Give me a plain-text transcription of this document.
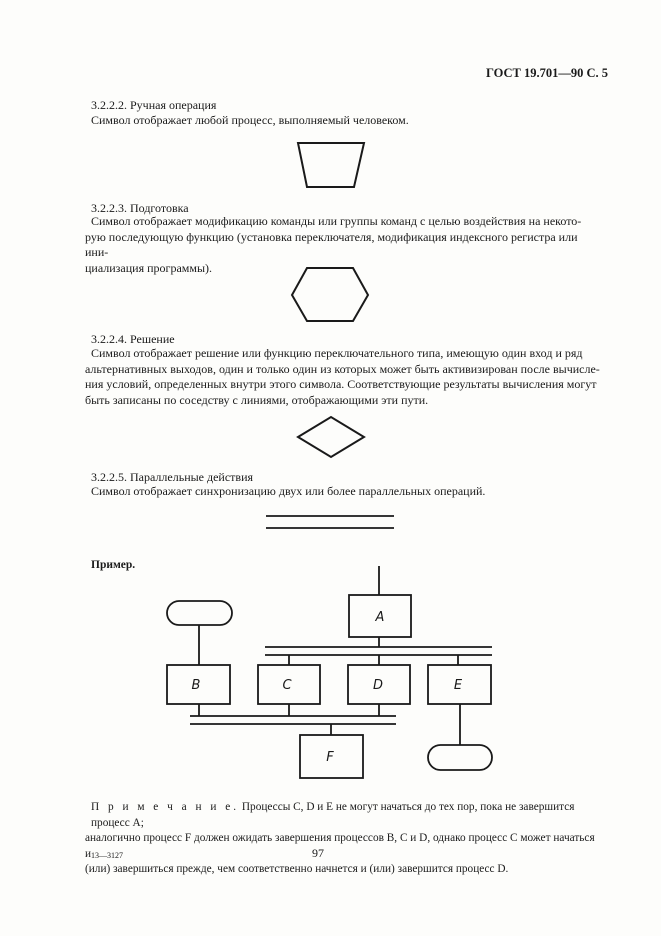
ГОСТ 19.701—90 С. 5
3.2.2.2. Ручная операция

Символ отображает любой процесс, выполняемый человеком.

3.2.2.3. Подготовка

Символ отображает модификацию команды или группы команд с целью воздействия на некото-

рую последующую функцию (установка переключателя, модификация индексного регистра или ини-

циализация программы).

3.2.2.4. Решение

Символ отображает решение или функцию переключательного типа, имеющую один вход и ряд

альтернативных выходов, один и только один из которых может быть активизирован после вычисле-

ния условий, определенных внутри этого символа. Соответствующие результаты вычисления могут

быть записаны по соседству с линиями, отображающими эти пути.

3.2.2.5. Параллельные действия

Символ отображает синхронизацию двух или более параллельных операций.

Пример.
A
B	C	D	E
F
П р и м е ч а н и е. Процессы C, D и E не могут начаться до тех пор, пока не завершится процесс A;
аналогично процесс F должен ожидать завершения процессов B, C и D, однако процесс C может начаться и
(или) завершиться прежде, чем соответственно начнется и (или) завершится процесс D.
13—3127	97
